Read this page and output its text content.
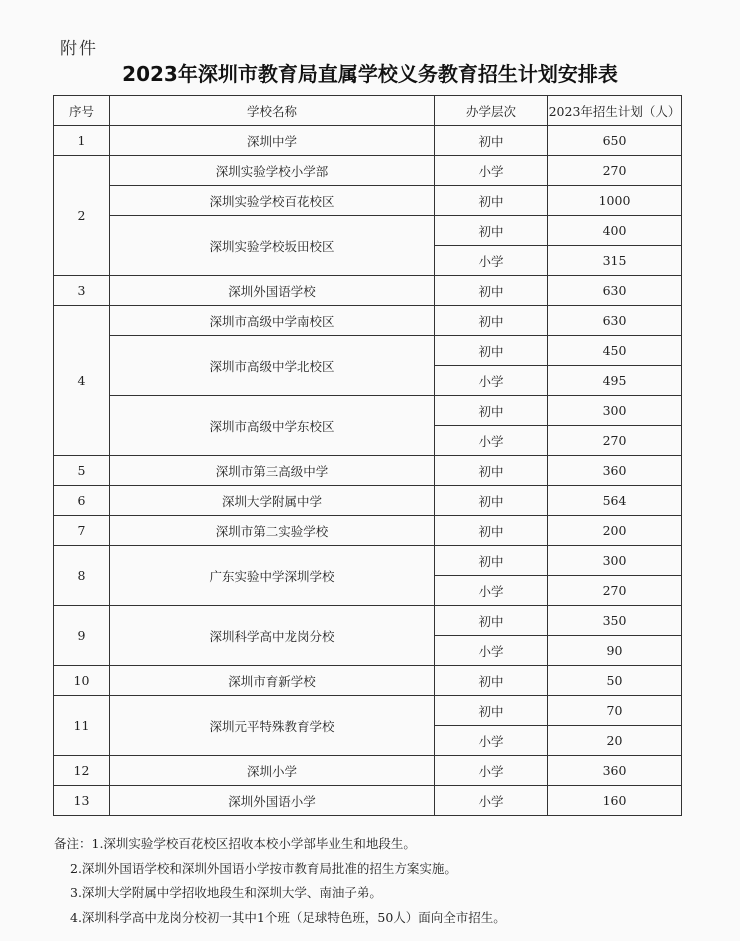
附件
2023年深圳市教育局直属学校义务教育招生计划安排表
序号	学校名称	办学层次	2023年招生计划（人）
1	深圳中学	初中	650
2	深圳实验学校小学部	小学	270
	深圳实验学校百花校区	初中	1000
	深圳实验学校坂田校区	初中	400
		小学	315
3	深圳外国语学校	初中	630
4	深圳市高级中学南校区	初中	630
	深圳市高级中学北校区	初中	450
		小学	495
	深圳市高级中学东校区	初中	300
		小学	270
5	深圳市第三高级中学	初中	360
6	深圳大学附属中学	初中	564
7	深圳市第二实验学校	初中	200
8	广东实验中学深圳学校	初中	300
		小学	270
9	深圳科学高中龙岗分校	初中	350
		小学	90
10	深圳市育新学校	初中	50
11	深圳元平特殊教育学校	初中	70
		小学	20
12	深圳小学	小学	360
13	深圳外国语小学	小学	160
备注：1.深圳实验学校百花校区招收本校小学部毕业生和地段生。
2.深圳外国语学校和深圳外国语小学按市教育局批准的招生方案实施。
3.深圳大学附属中学招收地段生和深圳大学、南油子弟。
4.深圳科学高中龙岗分校初一其中1个班（足球特色班，50人）面向全市招生。
